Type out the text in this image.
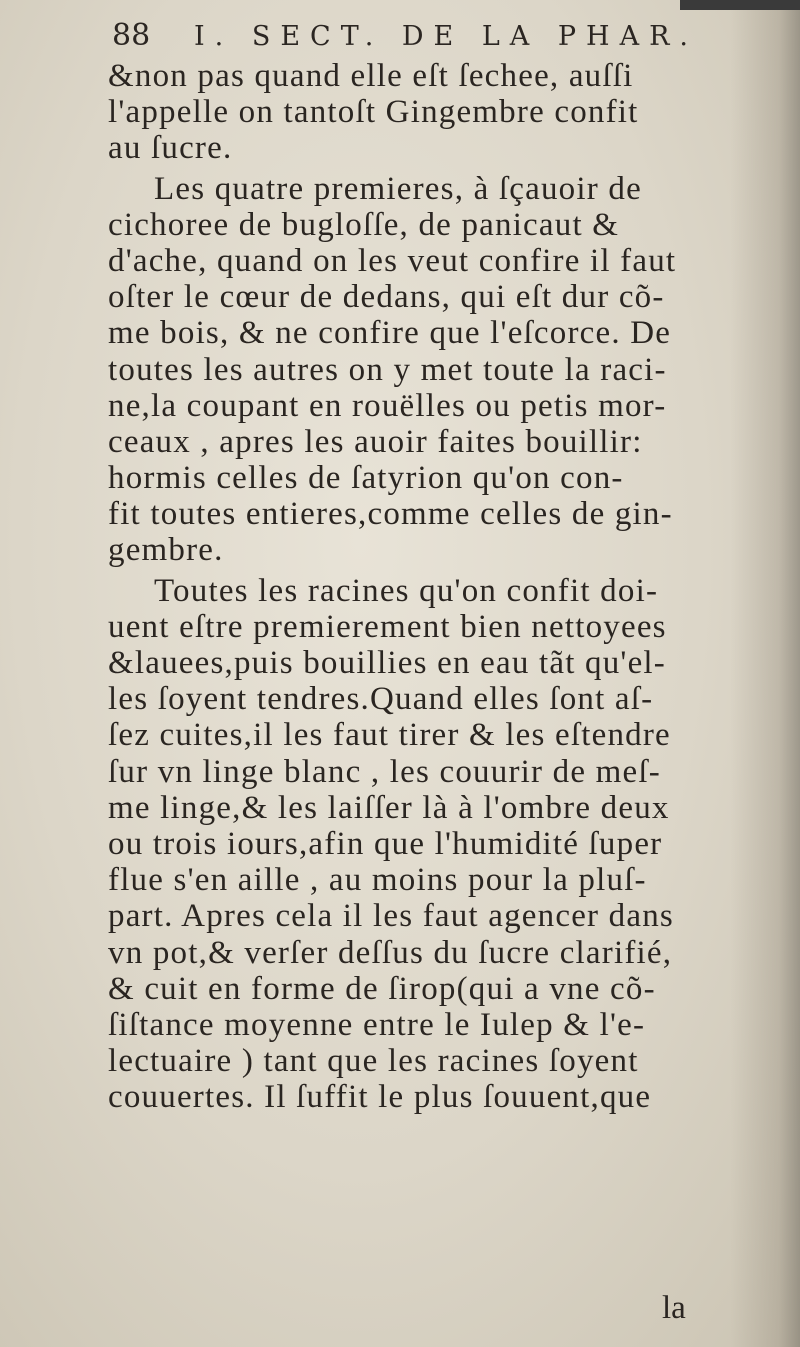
88 I. SECT. DE LA PHAR.
&non pas quand elle eſt ſechee, auſſi
l'appelle on tantoſt Gingembre confit
au ſucre.
Les quatre premieres, à ſçauoir de
cichoree de bugloſſe, de panicaut &
d'ache, quand on les veut confire il faut
oſter le cœur de dedans, qui eſt dur cõ-
me bois, & ne confire que l'eſcorce. De
toutes les autres on y met toute la raci-
ne,la coupant en rouëlles ou petis mor-
ceaux , apres les auoir faites bouillir:
hormis celles de ſatyrion qu'on con-
fit toutes entieres,comme celles de gin-
gembre.
Toutes les racines qu'on confit doi-
uent eſtre premierement bien nettoyees
&lauees,puis bouillies en eau tãt qu'el-
les ſoyent tendres.Quand elles ſont aſ-
ſez cuites,il les faut tirer & les eſtendre
ſur vn linge blanc , les couurir de meſ-
me linge,& les laiſſer là à l'ombre deux
ou trois iours,afin que l'humidité ſuper
flue s'en aille , au moins pour la pluſ-
part. Apres cela il les faut agencer dans
vn pot,& verſer deſſus du ſucre clarifié,
& cuit en forme de ſirop(qui a vne cõ-
ſiſtance moyenne entre le Iulep & l'e-
lectuaire ) tant que les racines ſoyent
couuertes. Il ſuffit le plus ſouuent,que
la
